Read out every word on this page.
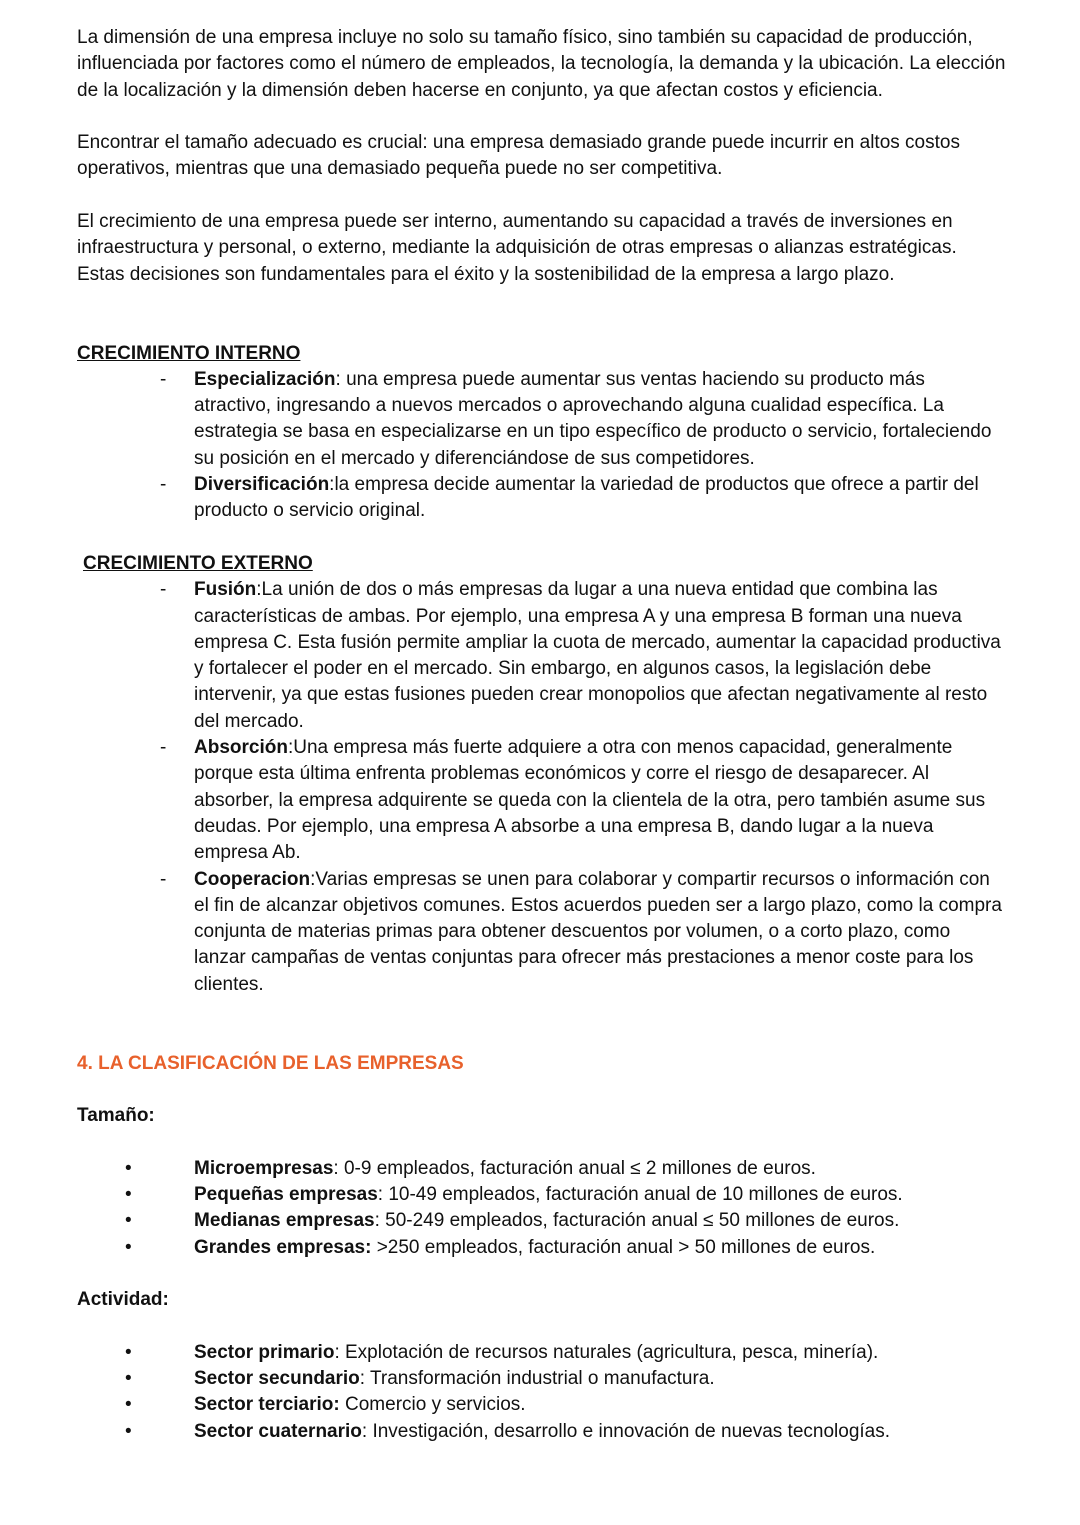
La dimensión de una empresa incluye no solo su tamaño físico, sino también su capacidad de producción, influenciada por factores como el número de empleados, la tecnología, la demanda y la ubicación. La elección de la localización y la dimensión deben hacerse en conjunto, ya que afectan costos y eficiencia.

Encontrar el tamaño adecuado es crucial: una empresa demasiado grande puede incurrir en altos costos operativos, mientras que una demasiado pequeña puede no ser competitiva.

El crecimiento de una empresa puede ser interno, aumentando su capacidad a través de inversiones en infraestructura y personal, o externo, mediante la adquisición de otras empresas o alianzas estratégicas. Estas decisiones son fundamentales para el éxito y la sostenibilidad de la empresa a largo plazo.

CRECIMIENTO INTERNO

- Especialización: una empresa puede aumentar sus ventas haciendo su producto más atractivo, ingresando a nuevos mercados o aprovechando alguna cualidad específica. La estrategia se basa en especializarse en un tipo específico de producto o servicio, fortaleciendo su posición en el mercado y diferenciándose de sus competidores.
- Diversificación:la empresa decide aumentar la variedad de productos que ofrece a partir del producto o servicio original.

CRECIMIENTO EXTERNO

- Fusión:La unión de dos o más empresas da lugar a una nueva entidad que combina las características de ambas. Por ejemplo, una empresa A y una empresa B forman una nueva empresa C. Esta fusión permite ampliar la cuota de mercado, aumentar la capacidad productiva y fortalecer el poder en el mercado. Sin embargo, en algunos casos, la legislación debe intervenir, ya que estas fusiones pueden crear monopolios que afectan negativamente al resto del mercado.
- Absorción:Una empresa más fuerte adquiere a otra con menos capacidad, generalmente porque esta última enfrenta problemas económicos y corre el riesgo de desaparecer. Al absorber, la empresa adquirente se queda con la clientela de la otra, pero también asume sus deudas. Por ejemplo, una empresa A absorbe a una empresa B, dando lugar a la nueva empresa Ab.
- Cooperacion:Varias empresas se unen para colaborar y compartir recursos o información con el fin de alcanzar objetivos comunes. Estos acuerdos pueden ser a largo plazo, como la compra conjunta de materias primas para obtener descuentos por volumen, o a corto plazo, como lanzar campañas de ventas conjuntas para ofrecer más prestaciones a menor coste para los clientes.

4. LA CLASIFICACIÓN DE LAS EMPRESAS

Tamaño:

•	Microempresas: 0-9 empleados, facturación anual ≤ 2 millones de euros.
•	Pequeñas empresas: 10-49 empleados, facturación anual de 10 millones de euros.
•	Medianas empresas: 50-249 empleados, facturación anual ≤ 50 millones de euros.
•	Grandes empresas: >250 empleados, facturación anual > 50 millones de euros.

Actividad:

•	Sector primario: Explotación de recursos naturales (agricultura, pesca, minería).
•	Sector secundario: Transformación industrial o manufactura.
•	Sector terciario: Comercio y servicios.
•	Sector cuaternario: Investigación, desarrollo e innovación de nuevas tecnologías.
